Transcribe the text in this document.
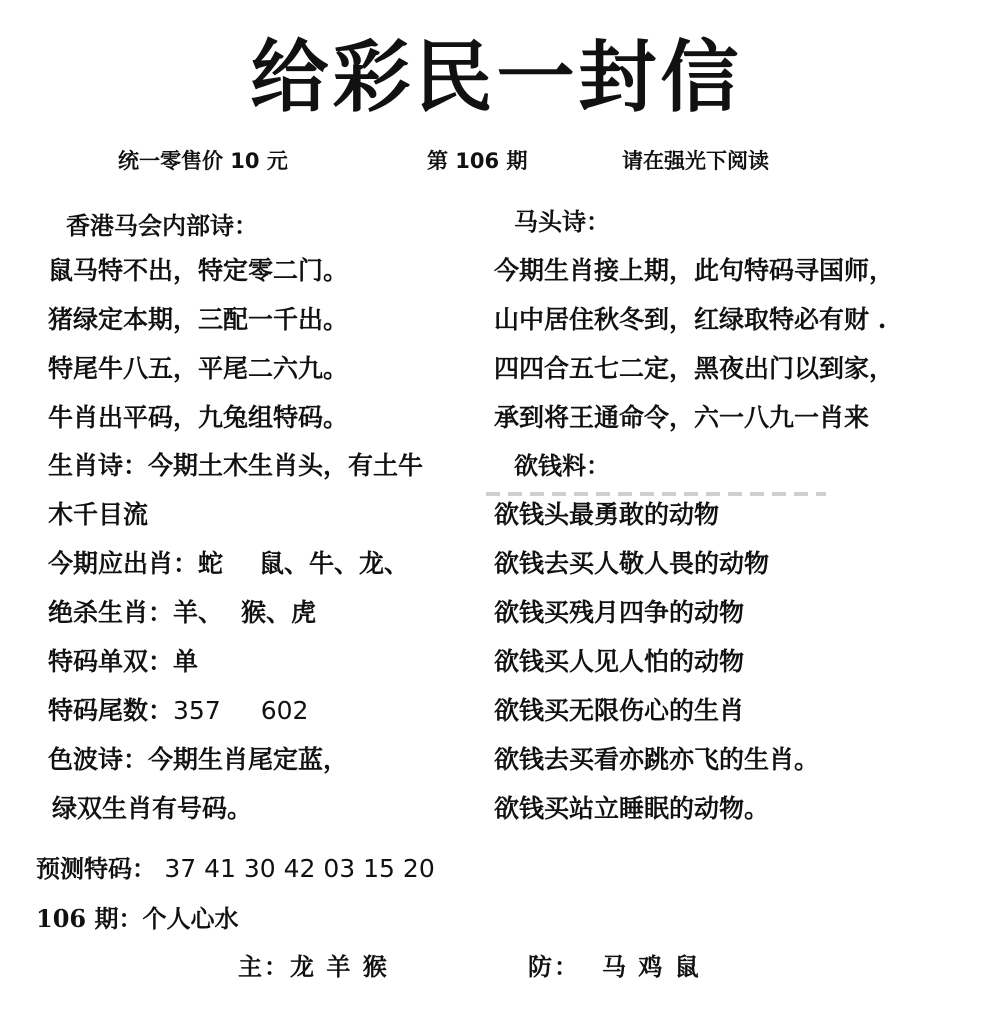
给彩民一封信
统一零售价 10 元	第 106 期	请在强光下阅读
香港马会内部诗：
鼠马特不出，特定零二门。
猪绿定本期，三配一千出。
特尾牛八五，平尾二六九。
牛肖出平码，九兔组特码。
生肖诗：今期土木生肖头，有土牛
木千目流
今期应出肖：蛇 鼠、牛、龙、
绝杀生肖：羊、 猴、虎
特码单双：单
特码尾数：357 602
色波诗：今期生肖尾定蓝，
绿双生肖有号码。
马头诗：
今期生肖接上期，此句特码寻国师，
山中居住秋冬到，红绿取特必有财 .
四四合五七二定，黑夜出门以到家，
承到将王通命令，六一八九一肖来
欲钱料：
欲钱头最勇敢的动物
欲钱去买人敬人畏的动物
欲钱买残月四争的动物
欲钱买人见人怕的动物
欲钱买无限伤心的生肖
欲钱去买看亦跳亦飞的生肖。
欲钱买站立睡眠的动物。
预测特码： 37 41 30 42 03 15 20
106 期：个人心水
主：龙 羊 猴	防： 马 鸡 鼠
